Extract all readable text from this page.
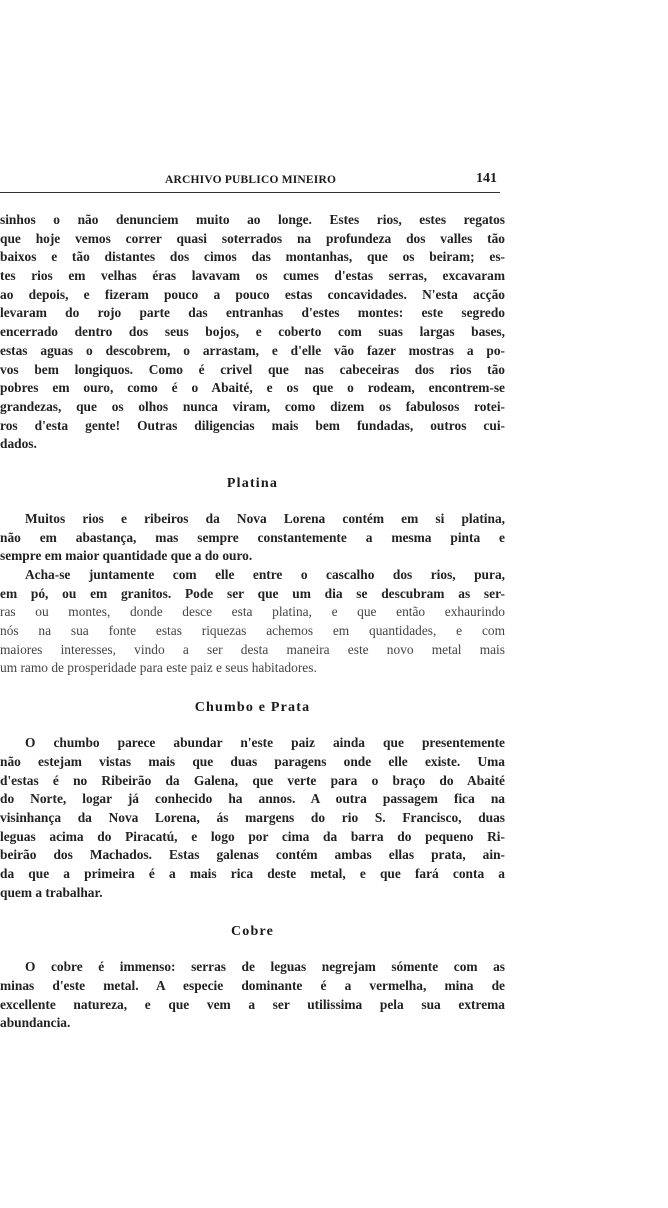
ARCHIVO PUBLICO MINEIRO	141
sinhos o não denunciem muito ao longe. Estes rios, estes regatos
que hoje vemos correr quasi soterrados na profundeza dos valles tão
baixos e tão distantes dos cimos das montanhas, que os beiram; es-
tes rios em velhas éras lavavam os cumes d'estas serras, excavaram
ao depois, e fizeram pouco a pouco estas concavidades. N'esta acção
levaram do rojo parte das entranhas d'estes montes: este segredo
encerrado dentro dos seus bojos, e coberto com suas largas bases,
estas aguas o descobrem, o arrastam, e d'elle vão fazer mostras a po-
vos bem longiquos. Como é crivel que nas cabeceiras dos rios tão
pobres em ouro, como é o Abaité, e os que o rodeam, encontrem-se
grandezas, que os olhos nunca viram, como dizem os fabulosos rotei-
ros d'esta gente! Outras diligencias mais bem fundadas, outros cui-
dados.
Platina
Muitos rios e ribeiros da Nova Lorena contém em si platina,
não em abastança, mas sempre constantemente a mesma pinta e
sempre em maior quantidade que a do ouro.
Acha-se juntamente com elle entre o cascalho dos rios, pura,
em pó, ou em granitos. Pode ser que um dia se descubram as ser-
ras ou montes, donde desce esta platina, e que então exhaurindo
nós na sua fonte estas riquezas achemos em quantidades, e com
maiores interesses, vindo a ser desta maneira este novo metal mais
um ramo de prosperidade para este paiz e seus habitadores.
Chumbo e Prata
O chumbo parece abundar n'este paiz ainda que presentemente
não estejam vistas mais que duas paragens onde elle existe. Uma
d'estas é no Ribeirão da Galena, que verte para o braço do Abaité
do Norte, logar já conhecido ha annos. A outra passagem fica na
visinhança da Nova Lorena, ás margens do rio S. Francisco, duas
leguas acima do Piracatú, e logo por cima da barra do pequeno Ri-
beirão dos Machados. Estas galenas contém ambas ellas prata, ain-
da que a primeira é a mais rica deste metal, e que fará conta a
quem a trabalhar.
Cobre
O cobre é immenso: serras de leguas negrejam sómente com as
minas d'este metal. A especie dominante é a vermelha, mina de
excellente natureza, e que vem a ser utilissima pela sua extrema
abundancia.
